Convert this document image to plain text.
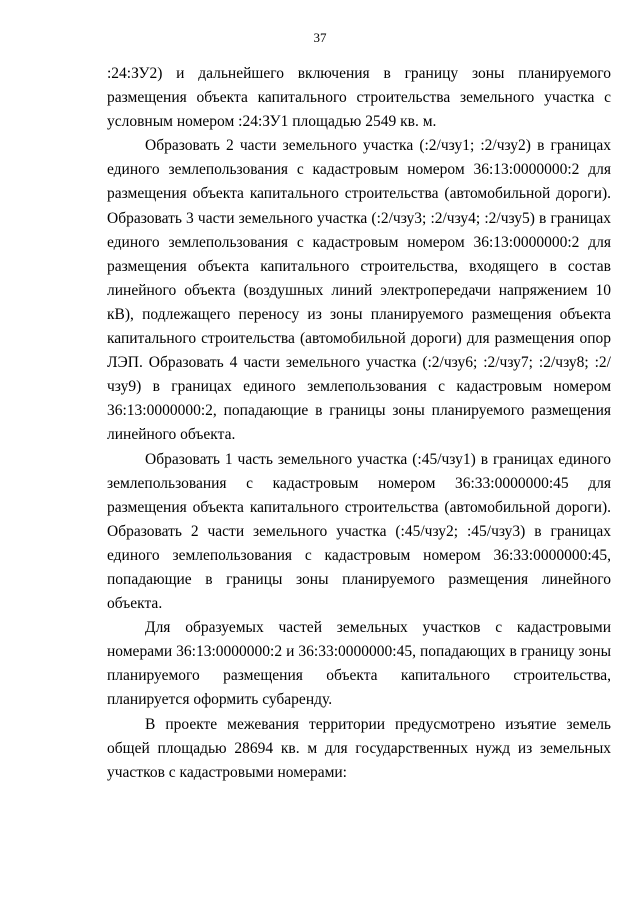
37

:24:ЗУ2) и дальнейшего включения в границу зоны планируемого размещения объекта капитального строительства земельного участка с условным номером :24:ЗУ1 площадью 2549 кв. м.

Образовать 2 части земельного участка (:2/чзу1; :2/чзу2) в границах единого землепользования с кадастровым номером 36:13:0000000:2 для размещения объекта капитального строительства (автомобильной дороги). Образовать 3 части земельного участка (:2/чзу3; :2/чзу4; :2/чзу5) в границах единого землепользования с кадастровым номером 36:13:0000000:2 для размещения объекта капитального строительства, входящего в состав линейного объекта (воздушных линий электропередачи напряжением 10 кВ), подлежащего переносу из зоны планируемого размещения объекта капитального строительства (автомобильной дороги) для размещения опор ЛЭП. Образовать 4 части земельного участка (:2/чзу6; :2/чзу7; :2/чзу8; :2/чзу9) в границах единого землепользования с кадастровым номером 36:13:0000000:2, попадающие в границы зоны планируемого размещения линейного объекта.

Образовать 1 часть земельного участка (:45/чзу1) в границах единого землепользования с кадастровым номером 36:33:0000000:45 для размещения объекта капитального строительства (автомобильной дороги). Образовать 2 части земельного участка (:45/чзу2; :45/чзу3) в границах единого землепользования с кадастровым номером 36:33:0000000:45, попадающие в границы зоны планируемого размещения линейного объекта.

Для образуемых частей земельных участков с кадастровыми номерами 36:13:0000000:2 и 36:33:0000000:45, попадающих в границу зоны планируемого размещения объекта капитального строительства, планируется оформить субаренду.

В проекте межевания территории предусмотрено изъятие земель общей площадью 28694 кв. м для государственных нужд из земельных участков с кадастровыми номерами:
